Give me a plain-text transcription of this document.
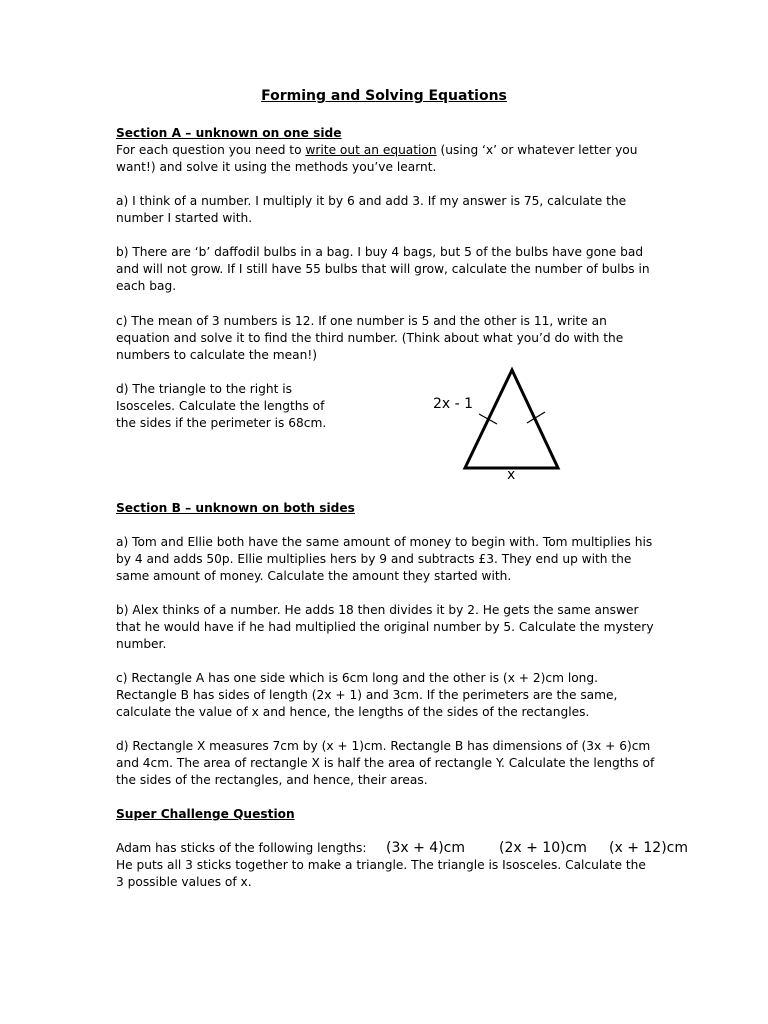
Forming and Solving Equations
Section A – unknown on one side
For each question you need to write out an equation (using ‘x’ or whatever letter you want!) and solve it using the methods you’ve learnt.
a) I think of a number. I multiply it by 6 and add 3. If my answer is 75, calculate the number I started with.
b) There are ‘b’ daffodil bulbs in a bag. I buy 4 bags, but 5 of the bulbs have gone bad and will not grow. If I still have 55 bulbs that will grow, calculate the number of bulbs in each bag.
c) The mean of 3 numbers is 12. If one number is 5 and the other is 11, write an equation and solve it to find the third number. (Think about what you’d do with the numbers to calculate the mean!)
d) The triangle to the right is Isosceles. Calculate the lengths of the sides if the perimeter is 68cm.
2x - 1
x
Section B – unknown on both sides
a) Tom and Ellie both have the same amount of money to begin with. Tom multiplies his by 4 and adds 50p. Ellie multiplies hers by 9 and subtracts £3. They end up with the same amount of money. Calculate the amount they started with.
b) Alex thinks of a number. He adds 18 then divides it by 2. He gets the same answer that he would have if he had multiplied the original number by 5. Calculate the mystery number.
c) Rectangle A has one side which is 6cm long and the other is (x + 2)cm long. Rectangle B has sides of length (2x + 1) and 3cm. If the perimeters are the same, calculate the value of x and hence, the lengths of the sides of the rectangles.
d) Rectangle X measures 7cm by (x + 1)cm. Rectangle B has dimensions of (3x + 6)cm and 4cm. The area of rectangle X is half the area of rectangle Y. Calculate the lengths of the sides of the rectangles, and hence, their areas.
Super Challenge Question
Adam has sticks of the following lengths:	(3x + 4)cm (2x + 10)cm (x + 12)cm
He puts all 3 sticks together to make a triangle. The triangle is Isosceles. Calculate the 3 possible values of x.
